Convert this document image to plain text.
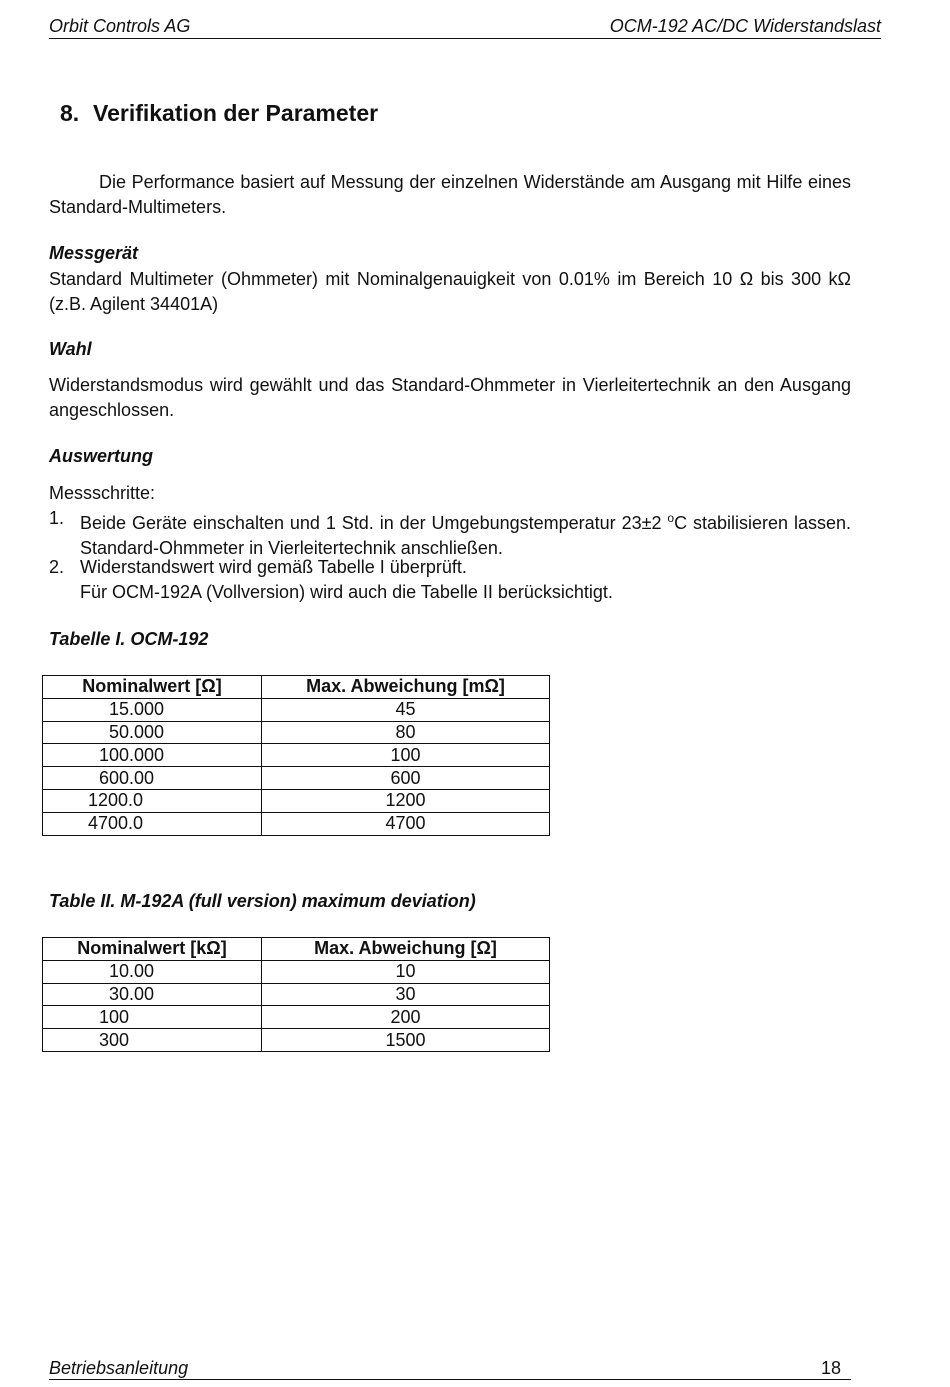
Orbit Controls AG	OCM-192 AC/DC Widerstandslast
8. Verifikation der Parameter
Die Performance basiert auf Messung der einzelnen Widerstände am Ausgang mit Hilfe eines Standard-Multimeters.
Messgerät
Standard Multimeter (Ohmmeter) mit Nominalgenauigkeit von 0.01% im Bereich 10 Ω bis 300 kΩ (z.B. Agilent 34401A)
Wahl
Widerstandsmodus wird gewählt und das Standard-Ohmmeter in Vierleitertechnik an den Ausgang angeschlossen.
Auswertung
Messschritte:
1. Beide Geräte einschalten und 1 Std. in der Umgebungstemperatur 23±2 $^o$C stabilisieren lassen. Standard-Ohmmeter in Vierleitertechnik anschließen.
2. Widerstandswert wird gemäß Tabelle I überprüft.
Für OCM-192A (Vollversion) wird auch die Tabelle II berücksichtigt.
Tabelle I. OCM-192
Nominalwert [Ω]	Max. Abweichung [mΩ]
15.000	45
50.000	80
100.000	100
600.00	600
1200.0	1200
4700.0	4700
Table II. M-192A (full version) maximum deviation)
Nominalwert [kΩ]	Max. Abweichung [Ω]
10.00	10
30.00	30
100	200
300	1500
Betriebsanleitung	18
